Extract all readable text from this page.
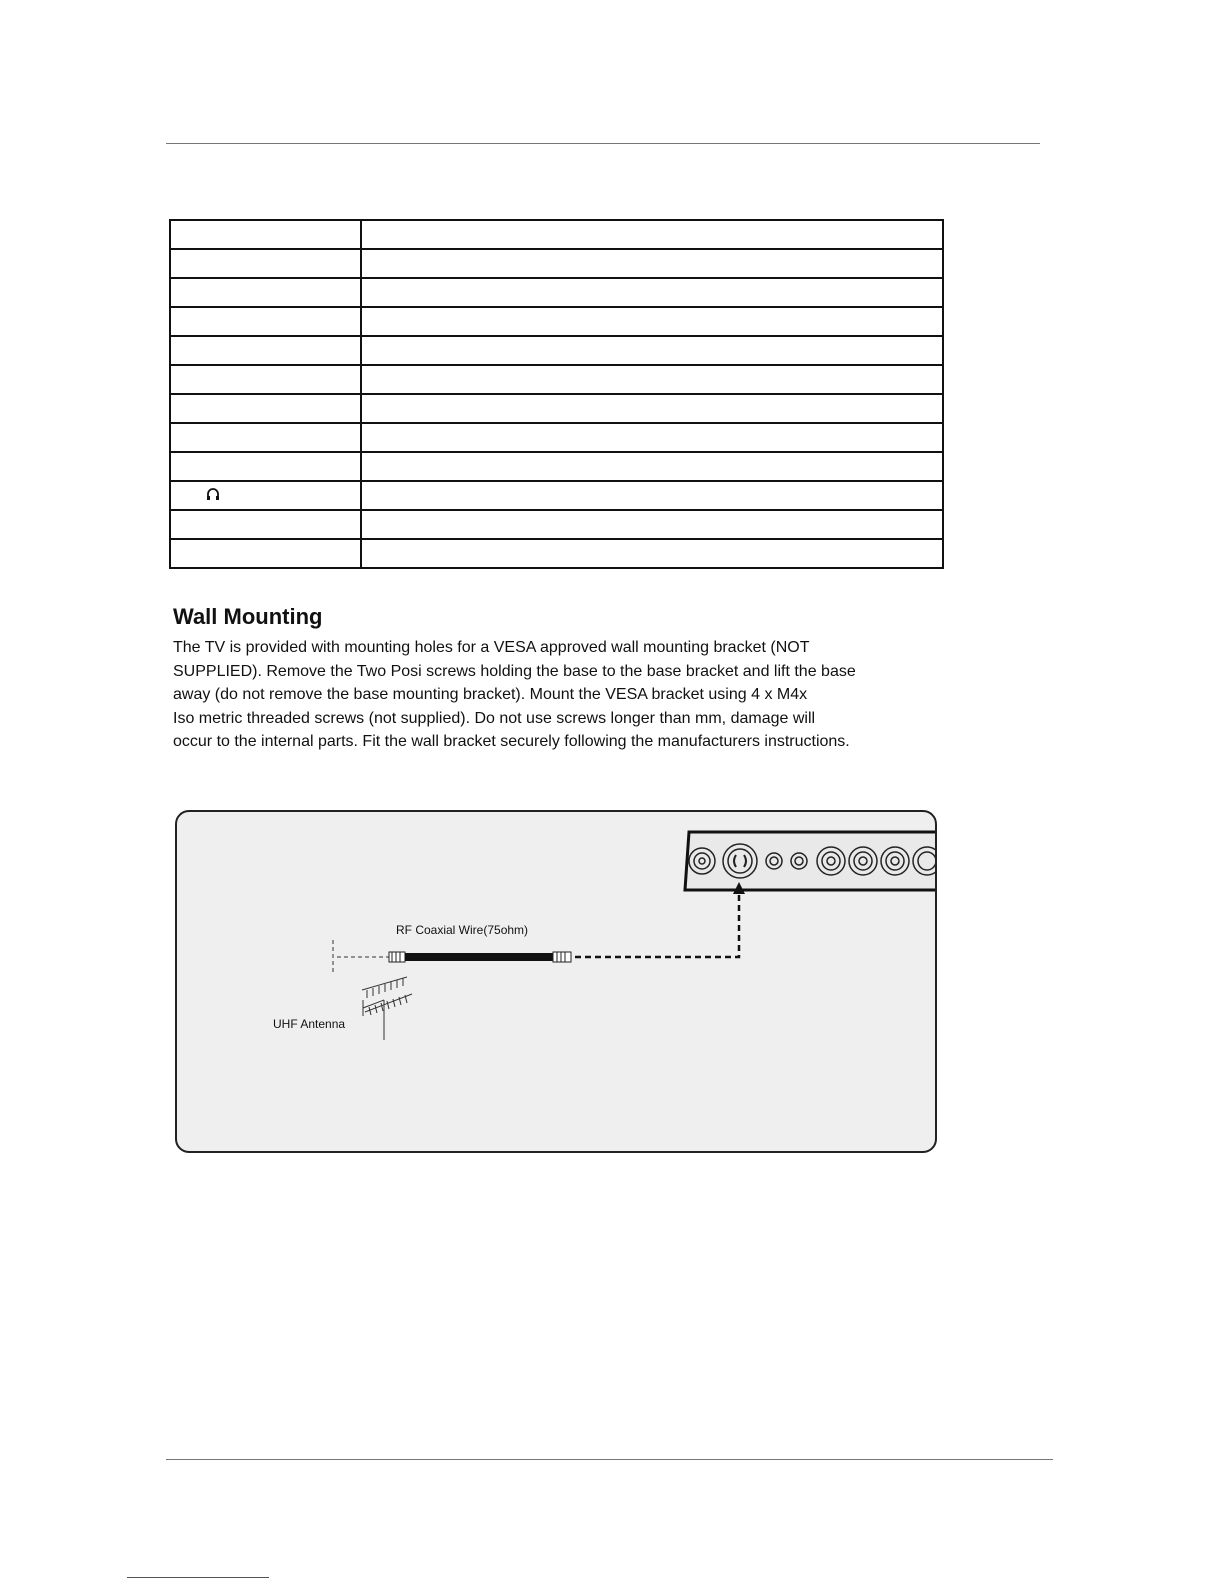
Wall Mounting
The TV is provided with mounting holes for a VESA approved wall mounting bracket (NOT
SUPPLIED). Remove the Two Posi screws holding the base to the base bracket and lift the base
away (do not remove the base mounting bracket). Mount the VESA bracket using 4 x M4x
Iso metric threaded screws (not supplied). Do not use screws longer than mm, damage will
occur to the internal parts. Fit the wall bracket securely following the manufacturers instructions.
RF Coaxial Wire(75ohm)
UHF Antenna
